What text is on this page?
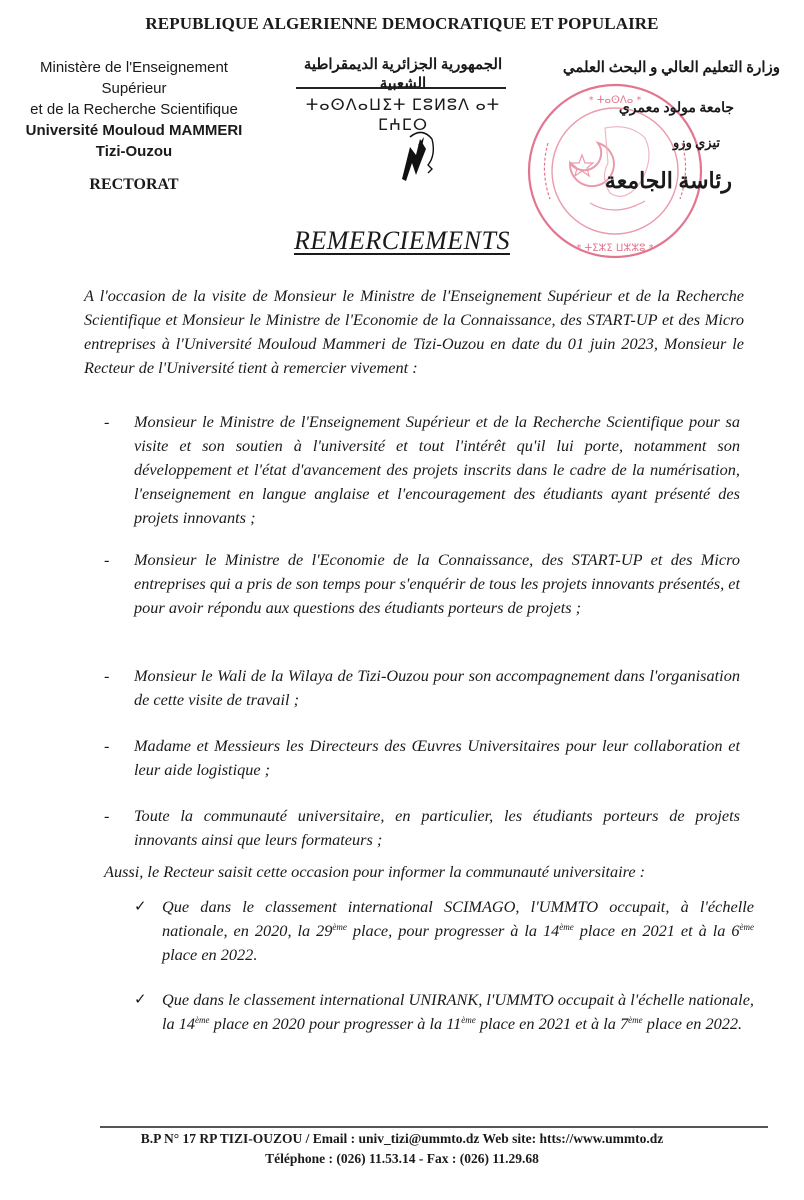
REPUBLIQUE ALGERIENNE DEMOCRATIQUE ET POPULAIRE
Ministère de l'Enseignement
Supérieur
et de la Recherche Scientifique
Université Mouloud MAMMERI
Tizi-Ouzou
RECTORAT
الجمهورية الجزائرية الديمقراطية الشعبية
ⵜⴰⵙⴷⴰⵡⵉⵜ ⵎⵓⵍⵓⴷ ⴰⵜ ⵎⵄⵎⵔ
* ⵜⴰⵙⴷⴰ *
* ⵜⵉⵣⵉ ⵡⵣⵣⵓ *
وزارة التعليم العالي و البحث العلمي
جامعة مولود معمري
تيزي وزو
رئاسة الجامعة
REMERCIEMENTS
A l'occasion de la visite de Monsieur le Ministre de l'Enseignement Supérieur et de la Recherche Scientifique et Monsieur le Ministre de l'Economie de la Connaissance, des START-UP et des Micro entreprises à l'Université Mouloud Mammeri de Tizi-Ouzou en date du 01 juin 2023, Monsieur le Recteur de l'Université tient à remercier vivement :
- Monsieur le Ministre de l'Enseignement Supérieur et de la Recherche Scientifique pour sa visite et son soutien à l'université et tout l'intérêt qu'il lui porte, notamment son développement et l'état d'avancement des projets inscrits dans le cadre de la numérisation, l'enseignement en langue anglaise et l'encouragement des étudiants ayant présenté des projets innovants ;
- Monsieur le Ministre de l'Economie de la Connaissance, des START-UP et des Micro entreprises qui a pris de son temps pour s'enquérir de tous les projets innovants présentés, et pour avoir répondu aux questions des étudiants porteurs de projets ;
- Monsieur le Wali de la Wilaya de Tizi-Ouzou pour son accompagnement dans l'organisation de cette visite de travail ;
- Madame et Messieurs les Directeurs des Œuvres Universitaires pour leur collaboration et leur aide logistique ;
- Toute la communauté universitaire, en particulier, les étudiants porteurs de projets innovants ainsi que leurs formateurs ;
Aussi, le Recteur saisit cette occasion pour informer la communauté universitaire :
✓ Que dans le classement international SCIMAGO, l'UMMTO occupait, à l'échelle nationale, en 2020, la 29ème place, pour progresser à la 14ème place en 2021 et à la 6ème place en 2022.
✓ Que dans le classement international UNIRANK, l'UMMTO occupait à l'échelle nationale, la 14ème place en 2020 pour progresser à la 11ème place en 2021 et à la 7ème place en 2022.
B.P N° 17 RP TIZI-OUZOU / Email : univ_tizi@ummto.dz Web site: htts://www.ummto.dz
Téléphone : (026) 11.53.14 - Fax : (026) 11.29.68
